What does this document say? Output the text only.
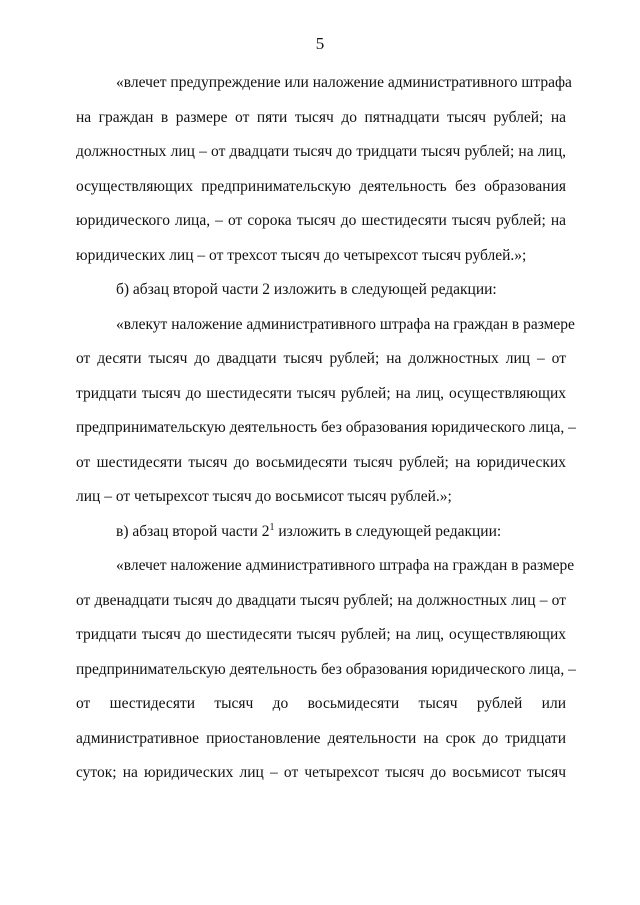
5
«влечет предупреждение или наложение административного штрафа
на граждан в размере от пяти тысяч до пятнадцати тысяч рублей; на
должностных лиц – от двадцати тысяч до тридцати тысяч рублей; на лиц,
осуществляющих предпринимательскую деятельность без образования
юридического лица, – от сорока тысяч до шестидесяти тысяч рублей; на
юридических лиц – от трехсот тысяч до четырехсот тысяч рублей.»;
б) абзац второй части 2 изложить в следующей редакции:
«влекут наложение административного штрафа на граждан в размере
от десяти тысяч до двадцати тысяч рублей; на должностных лиц – от
тридцати тысяч до шестидесяти тысяч рублей; на лиц, осуществляющих
предпринимательскую деятельность без образования юридического лица, –
от шестидесяти тысяч до восьмидесяти тысяч рублей; на юридических
лиц – от четырехсот тысяч до восьмисот тысяч рублей.»;
в) абзац второй части $2^1$ изложить в следующей редакции:
«влечет наложение административного штрафа на граждан в размере
от двенадцати тысяч до двадцати тысяч рублей; на должностных лиц – от
тридцати тысяч до шестидесяти тысяч рублей; на лиц, осуществляющих
предпринимательскую деятельность без образования юридического лица, –
от шестидесяти тысяч до восьмидесяти тысяч рублей или
административное приостановление деятельности на срок до тридцати
суток; на юридических лиц – от четырехсот тысяч до восьмисот тысяч
